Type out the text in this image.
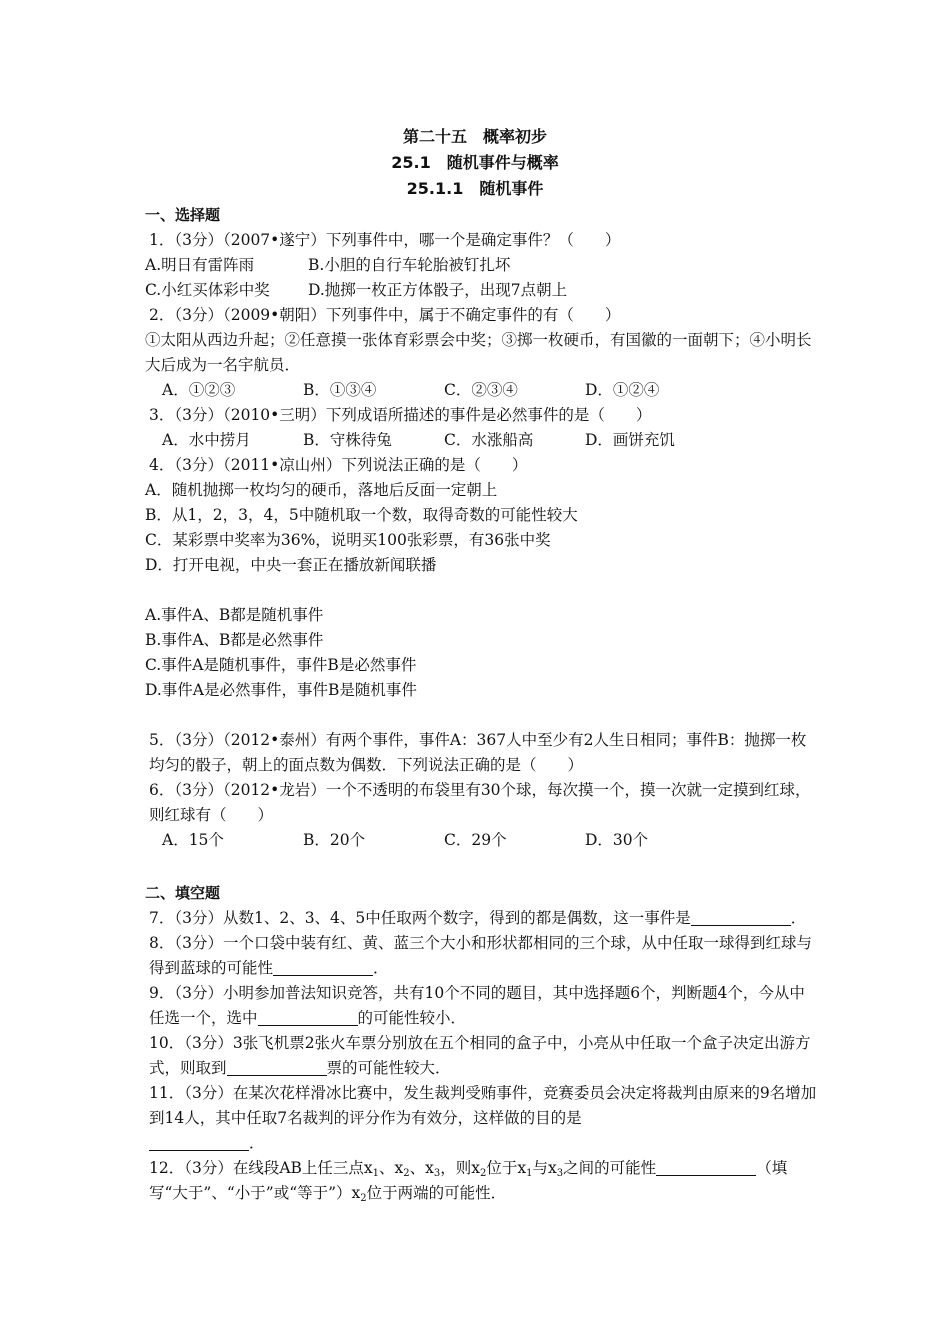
第二十五　概率初步
25.1　随机事件与概率
25.1.1　随机事件
一、选择题
1．（3分）（2007•遂宁）下列事件中，哪一个是确定事件？（　　）
A.明日有雷阵雨	B.小胆的自行车轮胎被钉扎坏
C.小红买体彩中奖	D.抛掷一枚正方体骰子，出现7点朝上
2．（3分）（2009•朝阳）下列事件中，属于不确定事件的有（　　）
①太阳从西边升起；②任意摸一张体育彩票会中奖；③掷一枚硬币，有国徽的一面朝下；④小明长大后成为一名宇航员．
A．①②③	B．①③④	C．②③④	D．①②④
3．（3分）（2010•三明）下列成语所描述的事件是必然事件的是（　　）
A．水中捞月	B．守株待兔	C．水涨船高	D．画饼充饥
4．（3分）（2011•凉山州）下列说法正确的是（　　）
A．随机抛掷一枚均匀的硬币，落地后反面一定朝上
B．从1，2，3，4，5中随机取一个数，取得奇数的可能性较大
C．某彩票中奖率为36%，说明买100张彩票，有36张中奖
D．打开电视，中央一套正在播放新闻联播
A.事件A、B都是随机事件
B.事件A、B都是必然事件
C.事件A是随机事件，事件B是必然事件
D.事件A是必然事件，事件B是随机事件
5．（3分）（2012•泰州）有两个事件，事件A：367人中至少有2人生日相同；事件B：抛掷一枚均匀的骰子，朝上的面点数为偶数．下列说法正确的是（　　）
6．（3分）（2012•龙岩）一个不透明的布袋里有30个球，每次摸一个，摸一次就一定摸到红球，则红球有（　　）
A．15个	B．20个	C．29个	D．30个
二、填空题
7．（3分）从数1、2、3、4、5中任取两个数字，得到的都是偶数，这一事件是	．
8．（3分）一个口袋中装有红、黄、蓝三个大小和形状都相同的三个球，从中任取一球得到红球与得到蓝球的可能性	．
9．（3分）小明参加普法知识竞答，共有10个不同的题目，其中选择题6个，判断题4个，今从中任选一个，选中	的可能性较小．
10．（3分）3张飞机票2张火车票分别放在五个相同的盒子中，小亮从中任取一个盒子决定出游方式，则取到	票的可能性较大．
11．（3分）在某次花样滑冰比赛中，发生裁判受贿事件，竞赛委员会决定将裁判由原来的9名增加到14人，其中任取7名裁判的评分作为有效分，这样做的目的是
．
12．（3分）在线段AB上任三点$x_1$、$x_2$、$x_3$，则$x_2$位于$x_1$与$x_3$之间的可能性	（填写“大于”、“小于”或“等于$”)x_2$位于两端的可能性．
